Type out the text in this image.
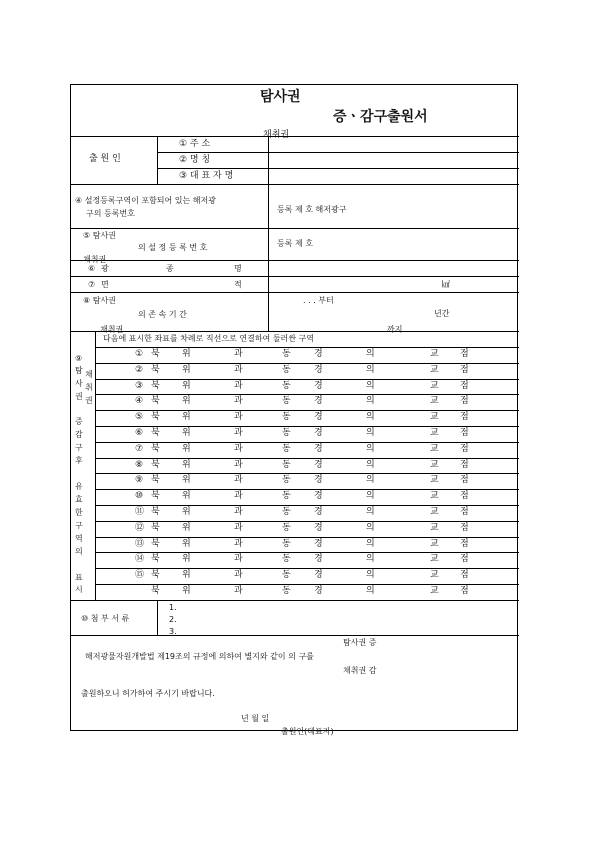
탐사권
증ㆍ감구출원서
채취권
출 원 인
① 주 소
② 명 칭
③ 대 표 자 명
④ 설정등록구역이 포함되어 있는 해저광
구의 등록번호	등록 제 호 해저광구
⑤ 탐사권
의 설 정 등 록 번 호
채취권
등록 제 호
⑥ 광	종	명
⑦ 면	적	㎢
⑧ 탐사권
의 존 속 기 간
채취권
. . . 부터
년간
까지
⑨
탐
사
권
증
감
구
후
유
효
한
구
역
의
표
시
채
취
권
다음에 표시한 좌표를 차례로 직선으로 연결하여 둘러싼 구역
① 북 위	과	동	경	의	교 점
② 북 위	과	동	경	의	교 점
③ 북 위	과	동	경	의	교 점
④ 북 위	과	동	경	의	교 점
⑤ 북 위	과	동	경	의	교 점
⑥ 북 위	과	동	경	의	교 점
⑦ 북 위	과	동	경	의	교 점
⑧ 북 위	과	동	경	의	교 점
⑨ 북 위	과	동	경	의	교 점
⑩ 북 위	과	동	경	의	교 점
⑪ 북 위	과	동	경	의	교 점
⑫ 북 위	과	동	경	의	교 점
⑬ 북 위	과	동	경	의	교 점
⑭ 북 위	과	동	경	의	교 점
⑮ 북 위	과	동	경	의	교 점
북 위	과	동	경	의	교 점
⑩ 첨 부 서 류
1.
2.
3.
탐사권 증
해저광물자원개발법 제19조의 규정에 의하여 별지와 같이 의 구를
채취권 감
출원하오니 허가하여 주시기 바랍니다.
년 월 일
출원인(대표자)
